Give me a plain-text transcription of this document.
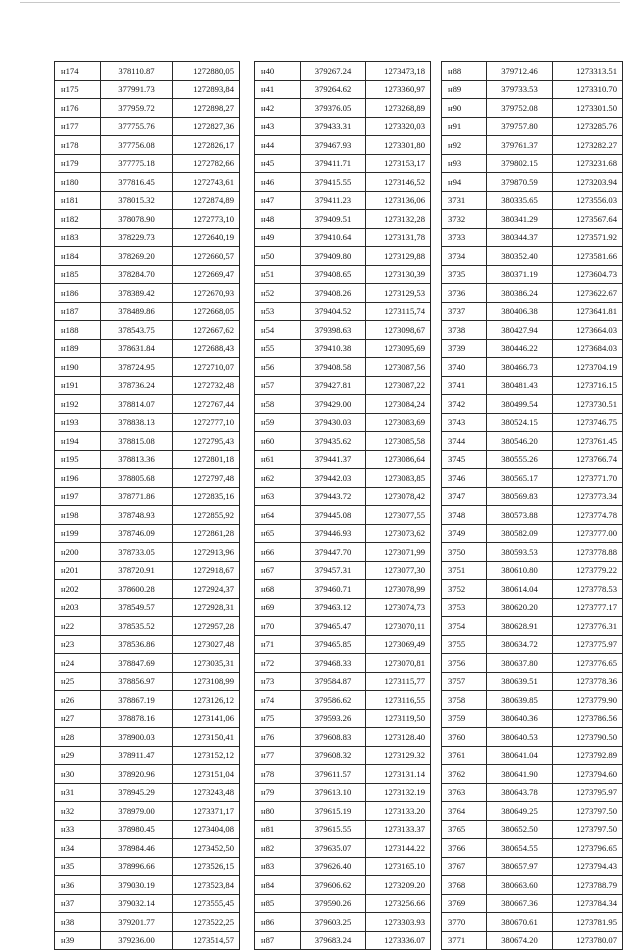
н174	378110.87	1272880,05
н175	377991.73	1272893,84
н176	377959.72	1272898,27
н177	377755.76	1272827,36
н178	377756.08	1272826,17
н179	377775.18	1272782,66
н180	377816.45	1272743,61
н181	378015.32	1272874,89
н182	378078.90	1272773,10
н183	378229.73	1272640,19
н184	378269.20	1272660,57
н185	378284.70	1272669,47
н186	378389.42	1272670,93
н187	378489.86	1272668,05
н188	378543.75	1272667,62
н189	378631.84	1272688,43
н190	378724.95	1272710,07
н191	378736.24	1272732,48
н192	378814.07	1272767,44
н193	378838.13	1272777,10
н194	378815.08	1272795,43
н195	378813.36	1272801,18
н196	378805.68	1272797,48
н197	378771.86	1272835,16
н198	378748.93	1272855,92
н199	378746.09	1272861,28
н200	378733.05	1272913,96
н201	378720.91	1272918,67
н202	378600.28	1272924,37
н203	378549.57	1272928,31
н22	378535.52	1272957,28
н23	378536.86	1273027,48
н24	378847.69	1273035,31
н25	378856.97	1273108,99
н26	378867.19	1273126,12
н27	378878.16	1273141,06
н28	378900.03	1273150,41
н29	378911.47	1273152,12
н30	378920.96	1273151,04
н31	378945.29	1273243,48
н32	378979.00	1273371,17
н33	378980.45	1273404,08
н34	378984.46	1273452,50
н35	378996.66	1273526,15
н36	379030.19	1273523,84
н37	379032.14	1273555,45
н38	379201.77	1273522,25
н39	379236.00	1273514,57
н40	379267.24	1273473,18
н41	379264.62	1273360,97
н42	379376.05	1273268,89
н43	379433.31	1273320,03
н44	379467.93	1273301,80
н45	379411.71	1273153,17
н46	379415.55	1273146,52
н47	379411.23	1273136,06
н48	379409.51	1273132,28
н49	379410.64	1273131,78
н50	379409.80	1273129,88
н51	379408.65	1273130,39
н52	379408.26	1273129,53
н53	379404.52	1273115,74
н54	379398.63	1273098,67
н55	379410.38	1273095,69
н56	379408.58	1273087,56
н57	379427.81	1273087,22
н58	379429.00	1273084,24
н59	379430.03	1273083,69
н60	379435.62	1273085,58
н61	379441.37	1273086,64
н62	379442.03	1273083,85
н63	379443.72	1273078,42
н64	379445.08	1273077,55
н65	379446.93	1273073,62
н66	379447.70	1273071,99
н67	379457.31	1273077,30
н68	379460.71	1273078,99
н69	379463.12	1273074,73
н70	379465.47	1273070,11
н71	379465.85	1273069,49
н72	379468.33	1273070,81
н73	379584.87	1273115,77
н74	379586.62	1273116,55
н75	379593.26	1273119,50
н76	379608.83	1273128.40
н77	379608.32	1273129.32
н78	379611.57	1273131.14
н79	379613.10	1273132.19
н80	379615.19	1273133.20
н81	379615.55	1273133.37
н82	379635.07	1273144.22
н83	379626.40	1273165.10
н84	379606.62	1273209.20
н85	379590.26	1273256.66
н86	379603.25	1273303.93
н87	379683.24	1273336.07
н88	379712.46	1273313.51
н89	379733.53	1273310.70
н90	379752.08	1273301.50
н91	379757.80	1273285.76
н92	379761.37	1273282.27
н93	379802.15	1273231.68
н94	379870.59	1273203.94
3731	380335.65	1273556.03
3732	380341.29	1273567.64
3733	380344.37	1273571.92
3734	380352.40	1273581.66
3735	380371.19	1273604.73
3736	380386.24	1273622.67
3737	380406.38	1273641.81
3738	380427.94	1273664.03
3739	380446.22	1273684.03
3740	380466.73	1273704.19
3741	380481.43	1273716.15
3742	380499.54	1273730.51
3743	380524.15	1273746.75
3744	380546.20	1273761.45
3745	380555.26	1273766.74
3746	380565.17	1273771.70
3747	380569.83	1273773.34
3748	380573.88	1273774.78
3749	380582.09	1273777.00
3750	380593.53	1273778.88
3751	380610.80	1273779.22
3752	380614.04	1273778.53
3753	380620.20	1273777.17
3754	380628.91	1273776.31
3755	380634.72	1273775.97
3756	380637.80	1273776.65
3757	380639.51	1273778.36
3758	380639.85	1273779.90
3759	380640.36	1273786.56
3760	380640.53	1273790.50
3761	380641.04	1273792.89
3762	380641.90	1273794.60
3763	380643.78	1273795.97
3764	380649.25	1273797.50
3765	380652.50	1273797.50
3766	380654.55	1273796.65
3767	380657.97	1273794.43
3768	380663.60	1273788.79
3769	380667.36	1273784.34
3770	380670.61	1273781.95
3771	380674.20	1273780.07
